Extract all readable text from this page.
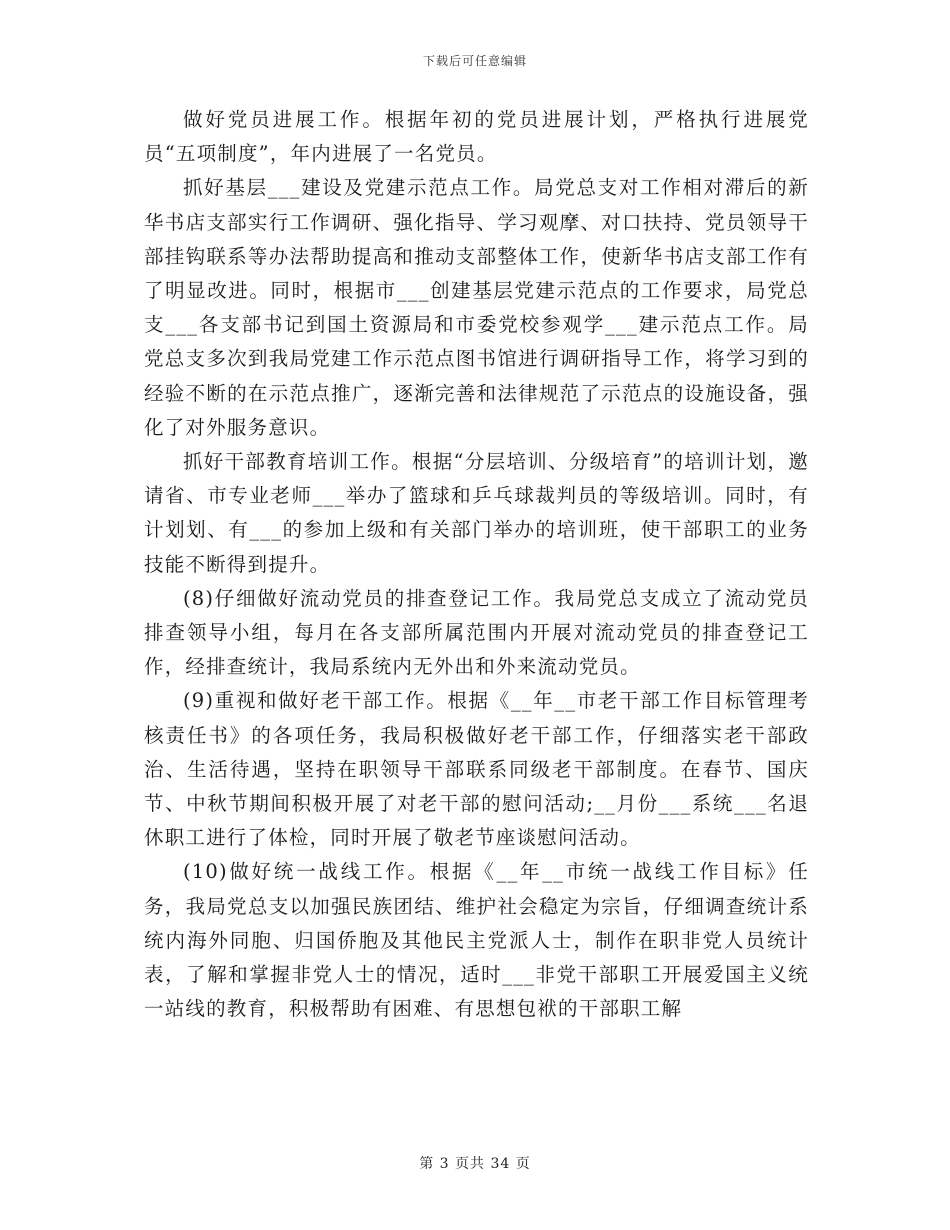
下载后可任意编辑

做好党员进展工作。根据年初的党员进展计划，严格执行进展党员“五项制度”，年内进展了一名党员。

抓好基层___建设及党建示范点工作。局党总支对工作相对滞后的新华书店支部实行工作调研、强化指导、学习观摩、对口扶持、党员领导干部挂钩联系等办法帮助提高和推动支部整体工作，使新华书店支部工作有了明显改进。同时，根据市___创建基层党建示范点的工作要求，局党总支___各支部书记到国土资源局和市委党校参观学___建示范点工作。局党总支多次到我局党建工作示范点图书馆进行调研指导工作，将学习到的经验不断的在示范点推广，逐渐完善和法律规范了示范点的设施设备，强化了对外服务意识。

抓好干部教育培训工作。根据“分层培训、分级培育”的培训计划，邀请省、市专业老师___举办了篮球和乒乓球裁判员的等级培训。同时，有计划划、有___的参加上级和有关部门举办的培训班，使干部职工的业务技能不断得到提升。

(8)仔细做好流动党员的排查登记工作。我局党总支成立了流动党员排查领导小组，每月在各支部所属范围内开展对流动党员的排查登记工作，经排查统计，我局系统内无外出和外来流动党员。

(9)重视和做好老干部工作。根据《__年__市老干部工作目标管理考核责任书》的各项任务，我局积极做好老干部工作，仔细落实老干部政治、生活待遇，坚持在职领导干部联系同级老干部制度。在春节、国庆节、中秋节期间积极开展了对老干部的慰问活动;__月份___系统___名退休职工进行了体检，同时开展了敬老节座谈慰问活动。

(10)做好统一战线工作。根据《__年__市统一战线工作目标》任务，我局党总支以加强民族团结、维护社会稳定为宗旨，仔细调查统计系统内海外同胞、归国侨胞及其他民主党派人士，制作在职非党人员统计表，了解和掌握非党人士的情况，适时___非党干部职工开展爱国主义统一站线的教育，积极帮助有困难、有思想包袱的干部职工解

第 3 页共 34 页
